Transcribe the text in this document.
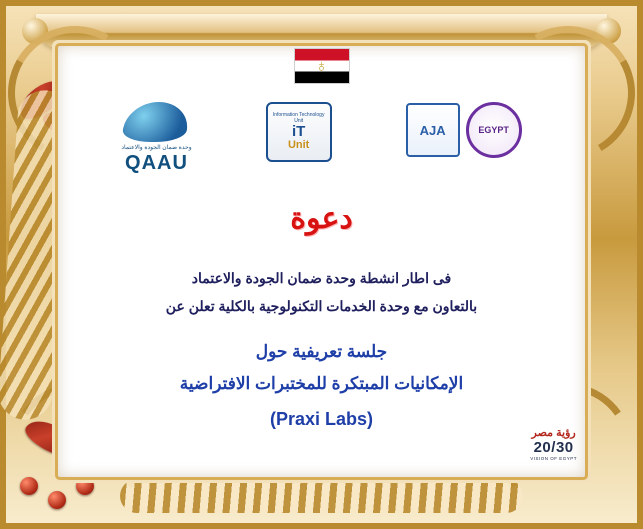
♁
وحدة ضمان الجودة والاعتماد
QAAU
Information Technology Unit
iT
Unit
AJA	EGYPT
دعوة
فى اطار انشطة وحدة ضمان الجودة والاعتماد
بالتعاون مع وحدة الخدمات التكنولوجية بالكلية تعلن عن
جلسة تعريفية حول
الإمكانيات المبتكرة للمختبرات الافتراضية
(Praxi Labs)
رؤية مصر
20/30
VISION OF EGYPT
